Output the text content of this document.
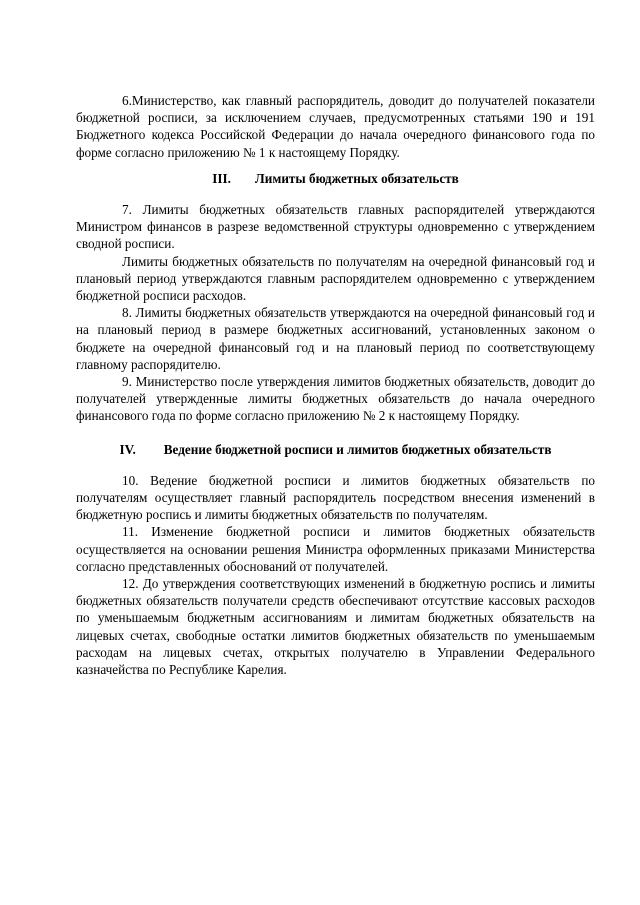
6.Министерство, как главный распорядитель, доводит до получателей показатели бюджетной росписи, за исключением случаев, предусмотренных статьями 190 и 191 Бюджетного кодекса Российской Федерации до начала очередного финансового года по форме согласно приложению № 1 к настоящему Порядку.

III. Лимиты бюджетных обязательств

7. Лимиты бюджетных обязательств главных распорядителей утверждаются Министром финансов в разрезе ведомственной структуры одновременно с утверждением сводной росписи.

Лимиты бюджетных обязательств по получателям на очередной финансовый год и плановый период утверждаются главным распорядителем одновременно с утверждением бюджетной росписи расходов.

8. Лимиты бюджетных обязательств утверждаются на очередной финансовый год и на плановый период в размере бюджетных ассигнований, установленных законом о бюджете на очередной финансовый год и на плановый период по соответствующему главному распорядителю.

9. Министерство после утверждения лимитов бюджетных обязательств, доводит до получателей утвержденные лимиты бюджетных обязательств до начала очередного финансового года по форме согласно приложению № 2 к настоящему Порядку.

IV. Ведение бюджетной росписи и лимитов бюджетных обязательств

10. Ведение бюджетной росписи и лимитов бюджетных обязательств по получателям осуществляет главный распорядитель посредством внесения изменений в бюджетную роспись и лимиты бюджетных обязательств по получателям.

11. Изменение бюджетной росписи и лимитов бюджетных обязательств осуществляется на основании решения Министра оформленных приказами Министерства согласно представленных обоснований от получателей.

12. До утверждения соответствующих изменений в бюджетную роспись и лимиты бюджетных обязательств получатели средств обеспечивают отсутствие кассовых расходов по уменьшаемым бюджетным ассигнованиям и лимитам бюджетных обязательств на лицевых счетах, свободные остатки лимитов бюджетных обязательств по уменьшаемым расходам на лицевых счетах, открытых получателю в Управлении Федерального казначейства по Республике Карелия.
